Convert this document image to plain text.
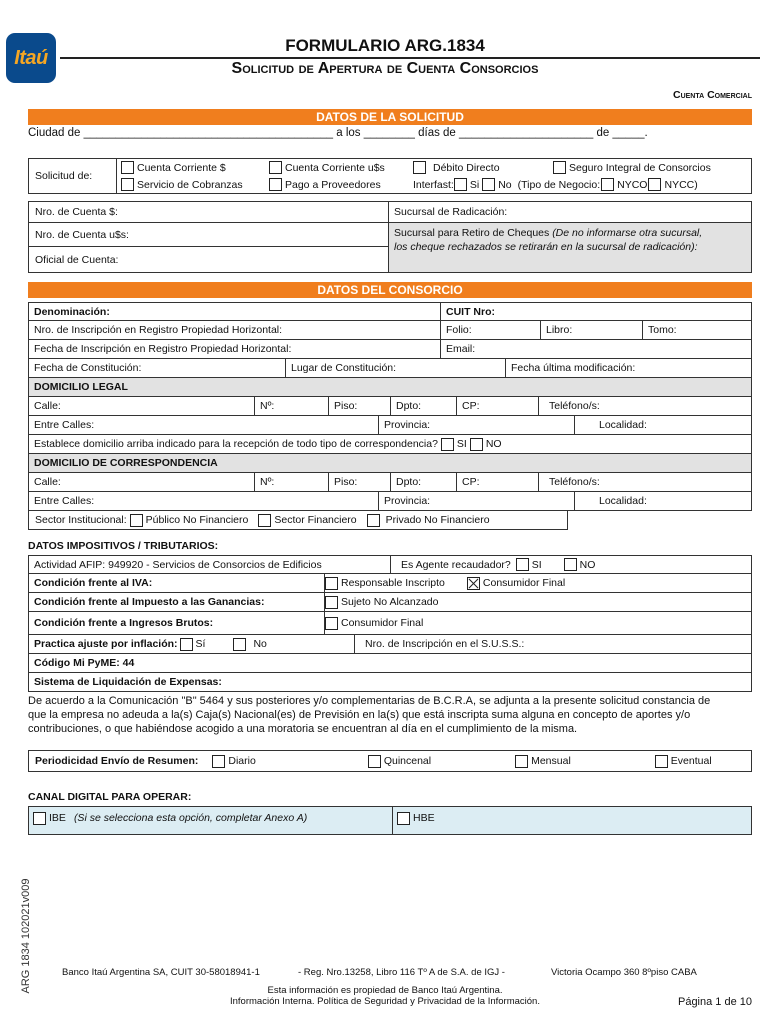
Itaú
FORMULARIO ARG.1834
Solicitud de Apertura de Cuenta Consorcios
Cuenta Comercial
DATOS DE LA SOLICITUD
Ciudad de _______________________________________ a los ________ días de _____________________ de _____.
Solicitud de:
Cuenta Corriente $	Cuenta Corriente u$s	Débito Directo	Seguro Integral de Consorcios
Servicio de Cobranzas	Pago a Proveedores	Interfast: Si No (Tipo de Negocio: NYCO NYCC)
Nro. de Cuenta $:
Nro. de Cuenta u$s:
Oficial de Cuenta:
Sucursal de Radicación:
Sucursal para Retiro de Cheques (De no informarse otra sucursal,
los cheque rechazados se retirarán en la sucursal de radicación):
DATOS DEL CONSORCIO
Denominación:	CUIT Nro:
Nro. de Inscripción en Registro Propiedad Horizontal:	Folio:	Libro:	Tomo:
Fecha de Inscripción en Registro Propiedad Horizontal:	Email:
Fecha de Constitución:	Lugar de Constitución:	Fecha última modificación:
DOMICILIO LEGAL
Calle:	Nº:	Piso:	Dpto:	CP:	Teléfono/s:
Entre Calles:	Provincia:	Localidad:
Establece domicilio arriba indicado para la recepción de todo tipo de correspondencia? SI NO
DOMICILIO DE CORRESPONDENCIA
Calle:	Nº:	Piso:	Dpto:	CP:	Teléfono/s:
Entre Calles:	Provincia:	Localidad:
Sector Institucional: Público No Financiero Sector Financiero	Privado No Financiero
DATOS IMPOSITIVOS / TRIBUTARIOS:
Actividad AFIP: 949920 - Servicios de Consorcios de Edificios	Es Agente recaudador? SI	NO
Condición frente al IVA:	Responsable Inscripto	Consumidor Final
Condición frente al Impuesto a las Ganancias:	Sujeto No Alcanzado
Condición frente a Ingresos Brutos:	Consumidor Final
Practica ajuste por inflación: Sí	No	Nro. de Inscripción en el S.U.S.S.:
Código Mi PyME: 44
Sistema de Liquidación de Expensas:
De acuerdo a la Comunicación "B" 5464 y sus posteriores y/o complementarias de B.C.R.A, se adjunta a la presente solicitud constancia de
que la empresa no adeuda a la(s) Caja(s) Nacional(es) de Previsión en la(s) que está inscripta suma alguna en concepto de aportes y/o
contribuciones, o que habiéndose acogido a una moratoria se encuentran al día en el cumplimiento de la misma.
Periodicidad Envío de Resumen:	Diario	Quincenal	Mensual	Eventual
CANAL DIGITAL PARA OPERAR:
IBE (Si se selecciona esta opción, completar Anexo A)	HBE
ARG 1834 102021v009	Banco Itaú Argentina SA, CUIT 30-58018941-1	- Reg. Nro.13258, Libro 116 Tº A de S.A. de IGJ -	Victoria Ocampo 360 8ºpiso CABA
Esta información es propiedad de Banco Itaú Argentina.
Información Interna. Política de Seguridad y Privacidad de la Información.	Página 1 de 10
